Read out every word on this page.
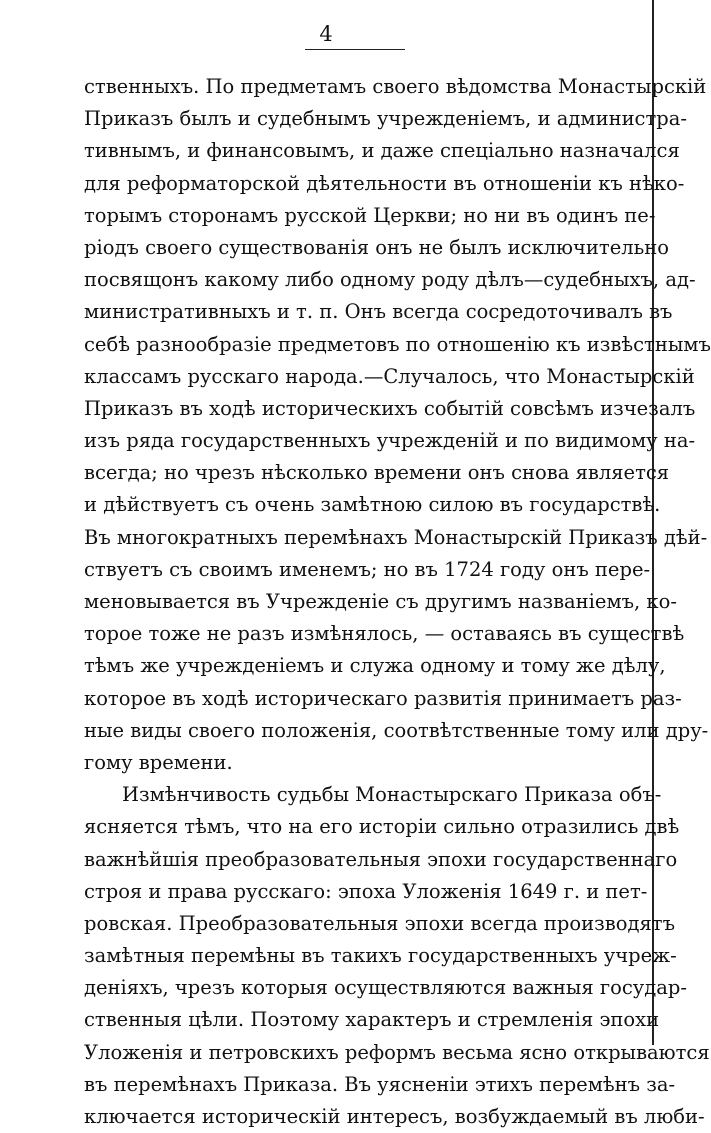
4
ственныхъ. По предметамъ своего вѣдомства Монастырскій
Приказъ былъ и судебнымъ учрежденіемъ, и администра-
тивнымъ, и финансовымъ, и даже спеціально назначался
для реформаторской дѣятельности въ отношеніи къ нѣко-
торымъ сторонамъ русской Церкви; но ни въ одинъ пе-
ріодъ своего существованія онъ не былъ исключительно
посвящонъ какому либо одному роду дѣлъ—судебныхъ, ад-
министративныхъ и т. п. Онъ всегда сосредоточивалъ въ
себѣ разнообразіе предметовъ по отношенію къ извѣстнымъ
классамъ русскаго народа.—Случалось, что Монастырскій
Приказъ въ ходѣ историческихъ событій совсѣмъ изчезалъ
изъ ряда государственныхъ учрежденій и по видимому на-
всегда; но чрезъ нѣсколько времени онъ снова является
и дѣйствуетъ съ очень замѣтною силою въ государствѣ.
Въ многократныхъ перемѣнахъ Монастырскій Приказъ дѣй-
ствуетъ съ своимъ именемъ; но въ 1724 году онъ пере-
меновывается въ Учрежденіе съ другимъ названіемъ, ко-
торое тоже не разъ измѣнялось, — оставаясь въ существѣ
тѣмъ же учрежденіемъ и служа одному и тому же дѣлу,
которое въ ходѣ историческаго развитія принимаетъ раз-
ные виды своего положенія, соотвѣтственные тому или дру-
гому времени.
Измѣнчивость судьбы Монастырскаго Приказа объ-
ясняется тѣмъ, что на его исторіи сильно отразились двѣ
важнѣйшія преобразовательныя эпохи государственнаго
строя и права русскаго: эпоха Уложенія 1649 г. и пет-
ровская. Преобразовательныя эпохи всегда производятъ
замѣтныя перемѣны въ такихъ государственныхъ учреж-
деніяхъ, чрезъ которыя осуществляются важныя государ-
ственныя цѣли. Поэтому характеръ и стремленія эпохи
Уложенія и петровскихъ реформъ весьма ясно открываются
въ перемѣнахъ Приказа. Въ уясненіи этихъ перемѣнъ за-
ключается историческій интересъ, возбуждаемый въ люби-
